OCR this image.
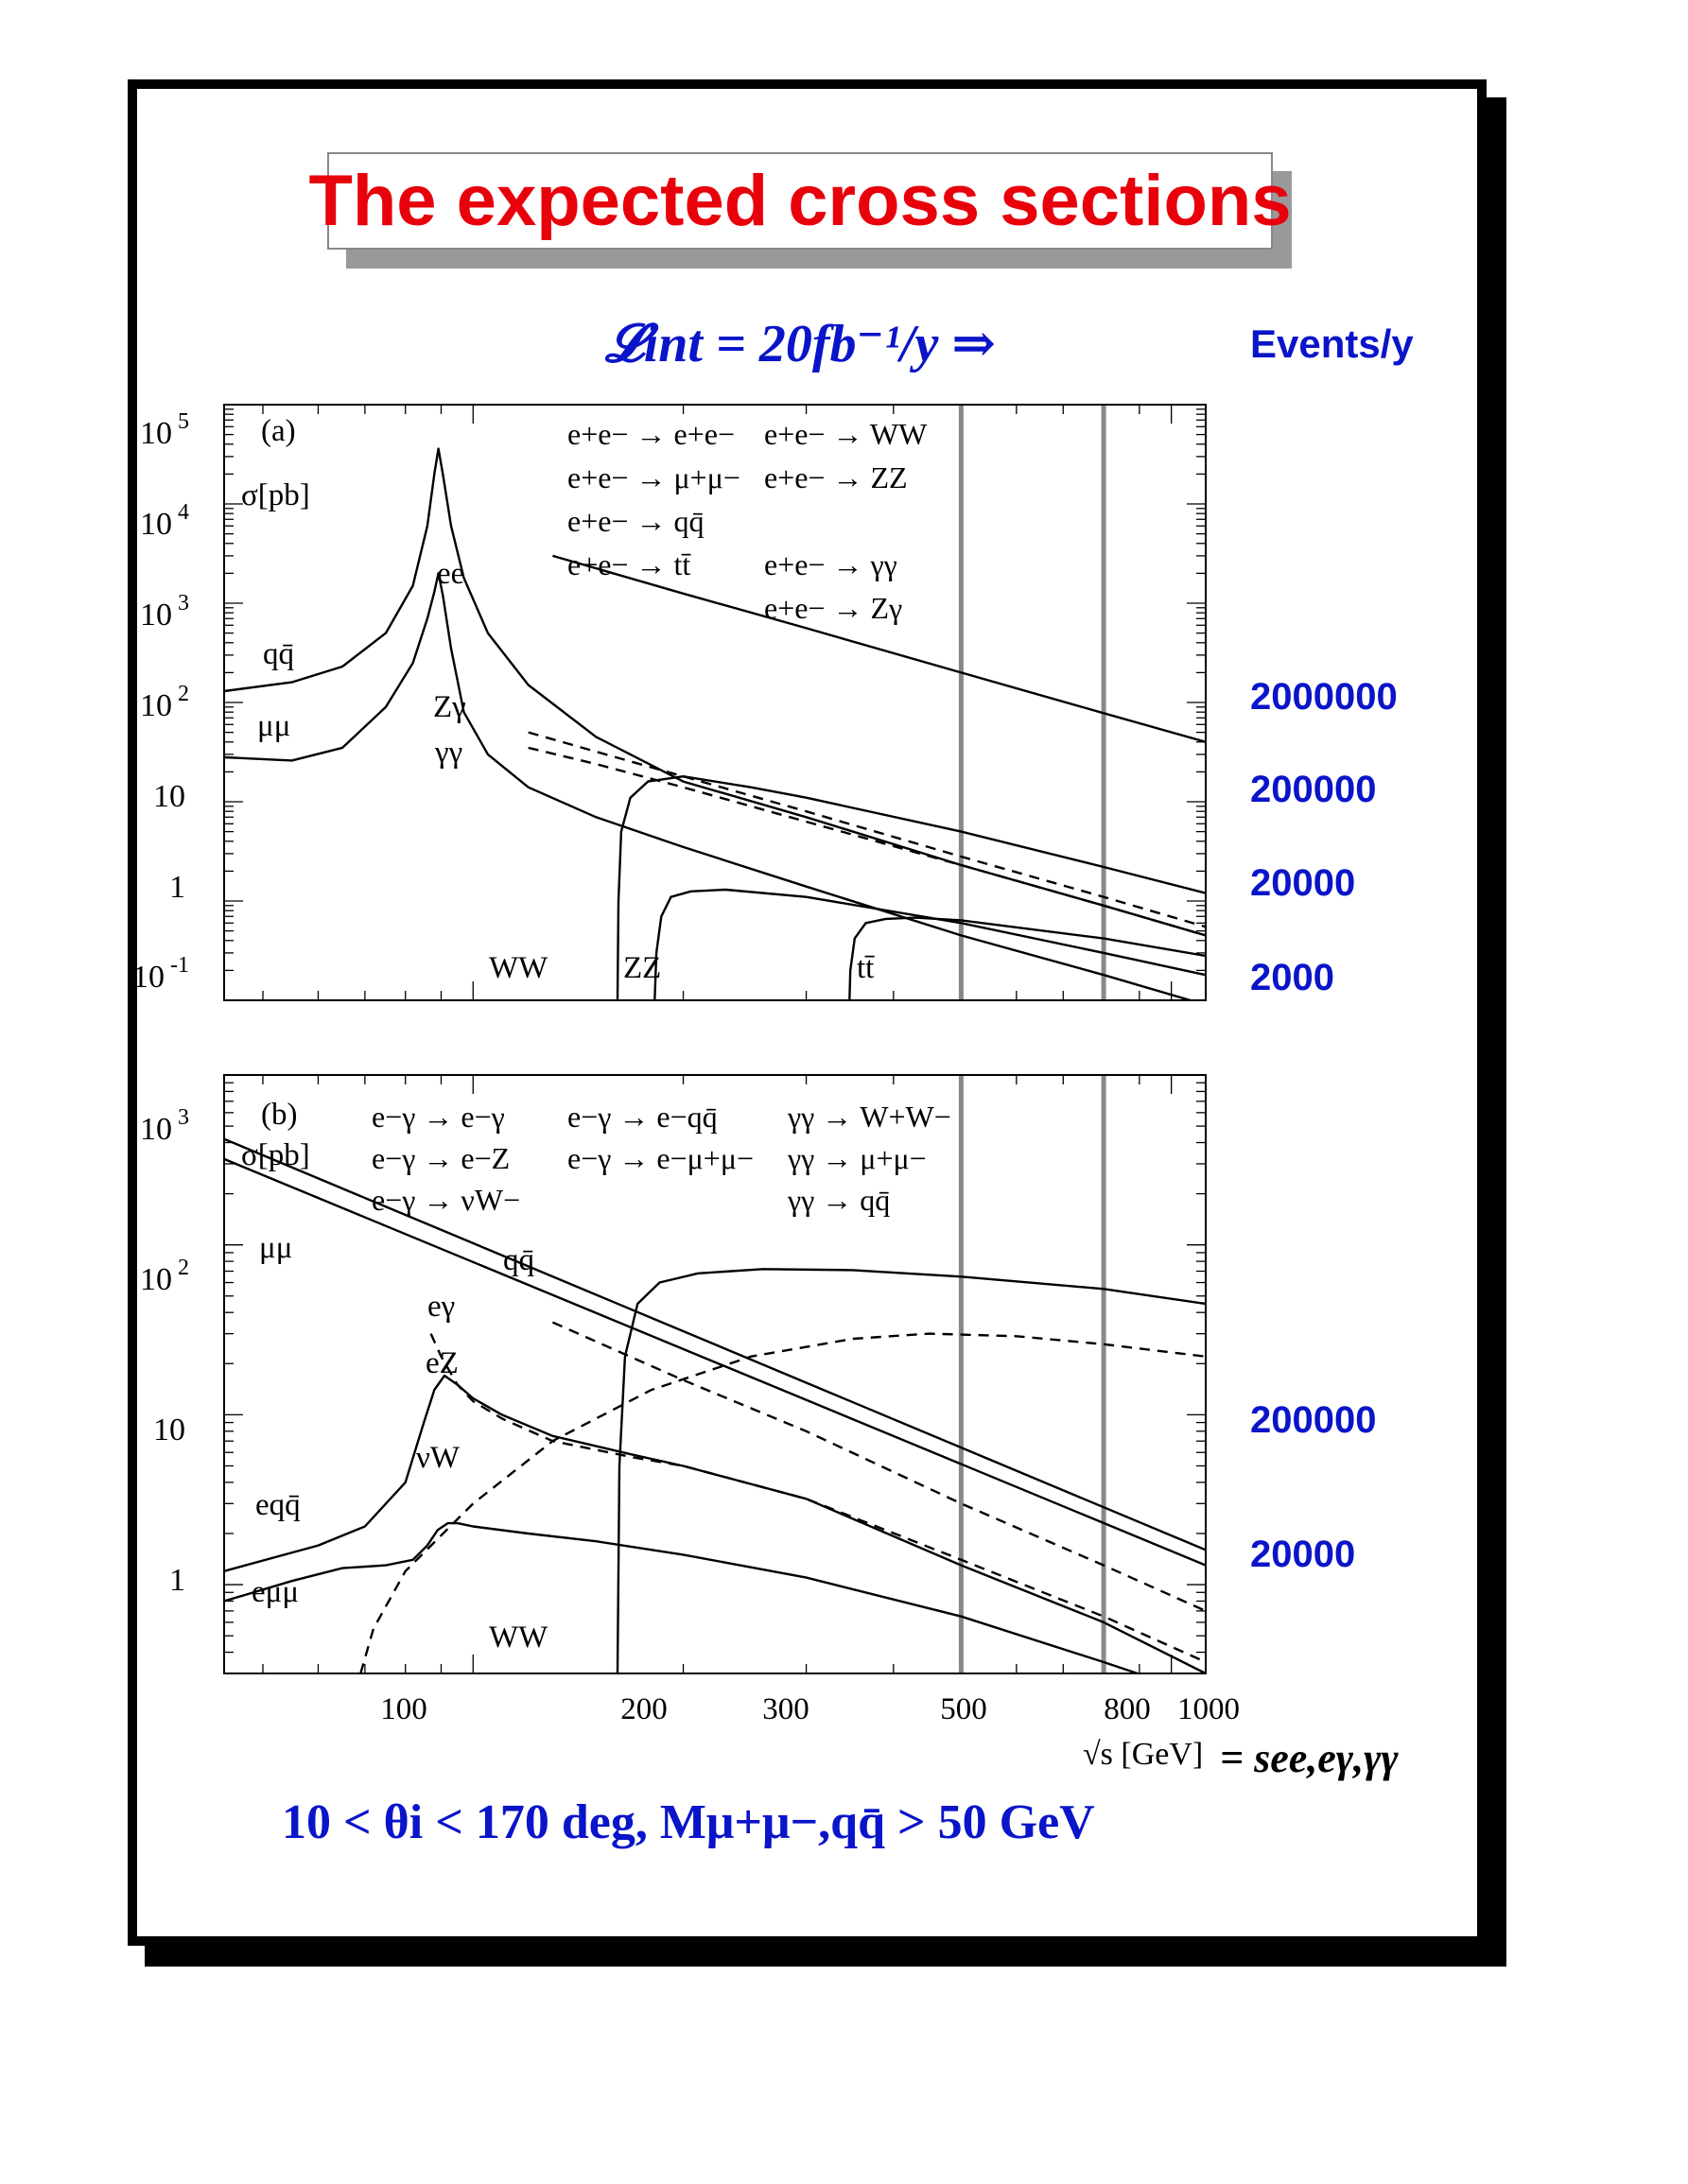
The expected cross sections
𝓛int = 20fb⁻¹/y ⇒	Events/y
2000000
200000
20000
2000
200000
20000
10 < θi < 170 deg, Mμ+μ−,qq̄ > 50 GeV
ee
qq̄
μμ
Zγ
γγ
WW ZZ	tt̄
10 $^{-1}$
1
10
10 $^2$
10 $^3$
10 $^4$
10 $^5$ (a)
σ[pb]
e+e− → e+e− e+e− → WW
e+e− → μ+μ− e+e− → ZZ
e+e− → qq̄
e+e− → tt̄ e+e− → γγ
e+e− → Zγ
qq̄
μμ
WW
eγ
eZ
νW
eμμ
eqq̄
1
10
10 $^2$
10 $^3$ (b)
σ[pb]
e−γ → e−γ e−γ → e−qq̄ γγ → W+W−
e−γ → e−Z e−γ → e−μ+μ− γγ → μ+μ−
e−γ → νW−	γγ → qq̄
100	200	300	500	800 1000
√s [GeV] = see,eγ,γγ
